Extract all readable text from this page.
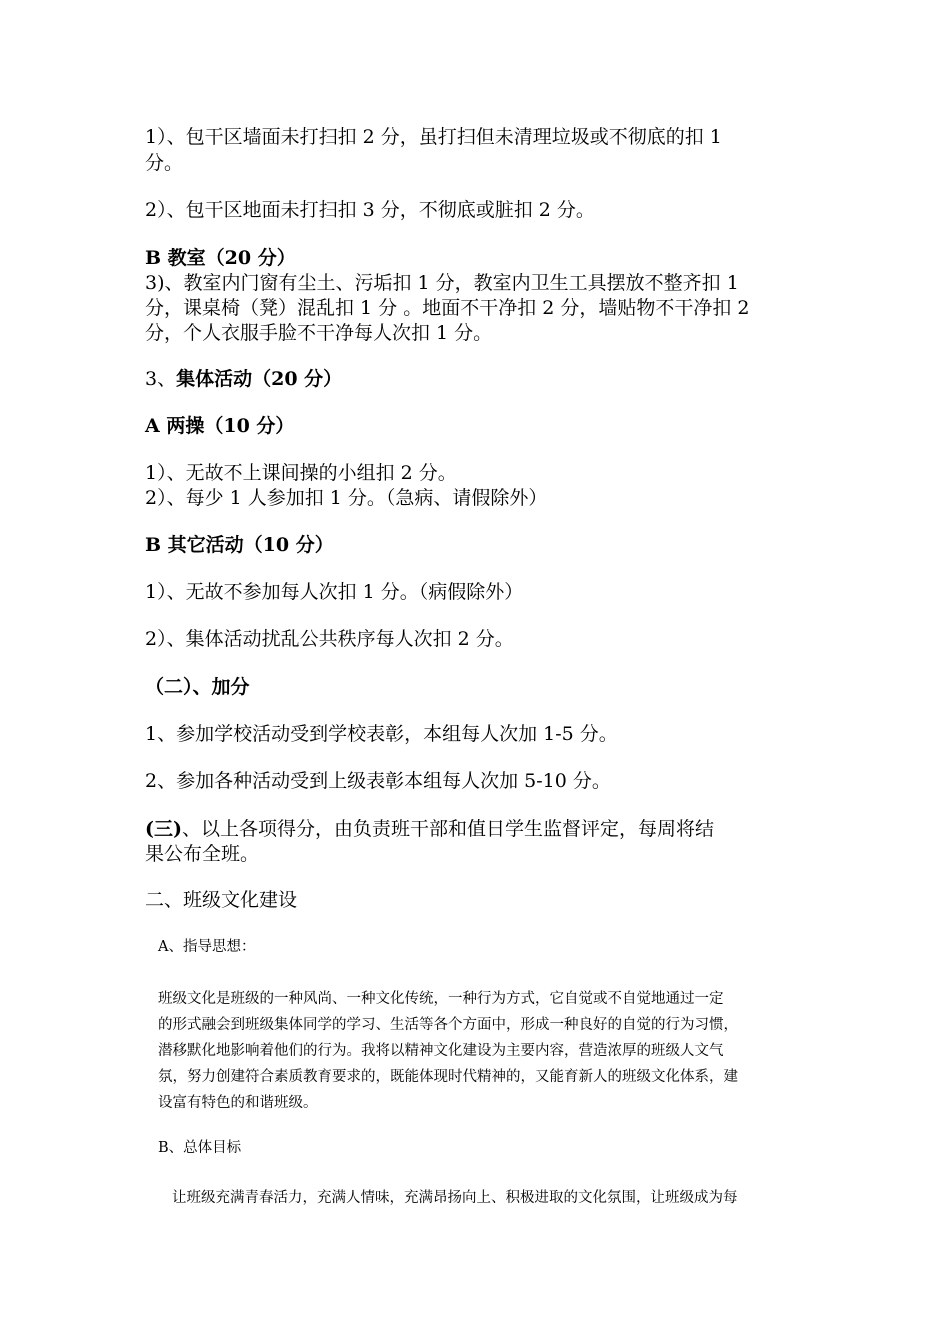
1）、包干区墙面未打扫扣 2 分，虽打扫但未清理垃圾或不彻底的扣 1
分。
2）、包干区地面未打扫扣 3 分，不彻底或脏扣 2 分。
B 教室（20 分）
3)、教室内门窗有尘土、污垢扣 1 分，教室内卫生工具摆放不整齐扣 1
分，课桌椅（凳）混乱扣 1 分 。地面不干净扣 2 分，墙贴物不干净扣 2
分，个人衣服手脸不干净每人次扣 1 分。
3、集体活动（20 分）
A 两操（10 分）
1）、无故不上课间操的小组扣 2 分。
2）、每少 1 人参加扣 1 分。（急病、请假除外）
B 其它活动（10 分）
1）、无故不参加每人次扣 1 分。（病假除外）
2）、集体活动扰乱公共秩序每人次扣 2 分。
（二）、加分
1、参加学校活动受到学校表彰，本组每人次加 1-5 分。
2、参加各种活动受到上级表彰本组每人次加 5-10 分。
(三)、以上各项得分，由负责班干部和值日学生监督评定，每周将结
果公布全班。
二、班级文化建设
A、指导思想：
班级文化是班级的一种风尚、一种文化传统，一种行为方式，它自觉或不自觉地通过一定
的形式融会到班级集体同学的学习、生活等各个方面中，形成一种良好的自觉的行为习惯，
潜移默化地影响着他们的行为。我将以精神文化建设为主要内容，营造浓厚的班级人文气
氛，努力创建符合素质教育要求的，既能体现时代精神的，又能育新人的班级文化体系，建
设富有特色的和谐班级。
B、总体目标
让班级充满青春活力，充满人情味，充满昂扬向上、积极进取的文化氛围，让班级成为每
